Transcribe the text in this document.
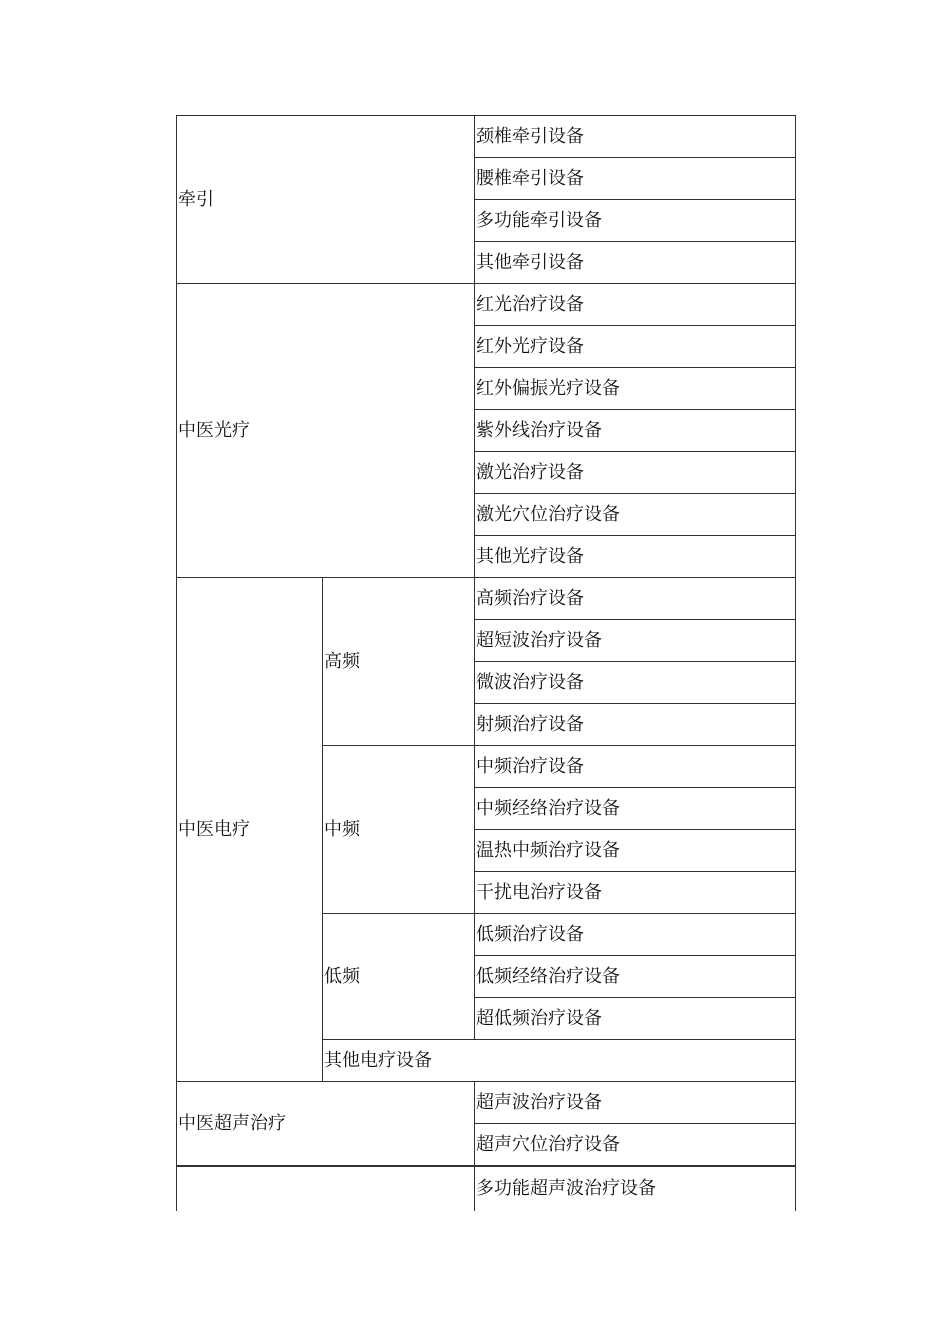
牵引		颈椎牵引设备
		腰椎牵引设备
		多功能牵引设备
		其他牵引设备
中医光疗		红光治疗设备
		红外光疗设备
		红外偏振光疗设备
		紫外线治疗设备
		激光治疗设备
		激光穴位治疗设备
		其他光疗设备
中医电疗	高频	高频治疗设备
		超短波治疗设备
		微波治疗设备
		射频治疗设备
	中频	中频治疗设备
		中频经络治疗设备
		温热中频治疗设备
		干扰电治疗设备
	低频	低频治疗设备
		低频经络治疗设备
		超低频治疗设备
	其他电疗设备	
中医超声治疗		超声波治疗设备
		超声穴位治疗设备
		多功能超声波治疗设备
